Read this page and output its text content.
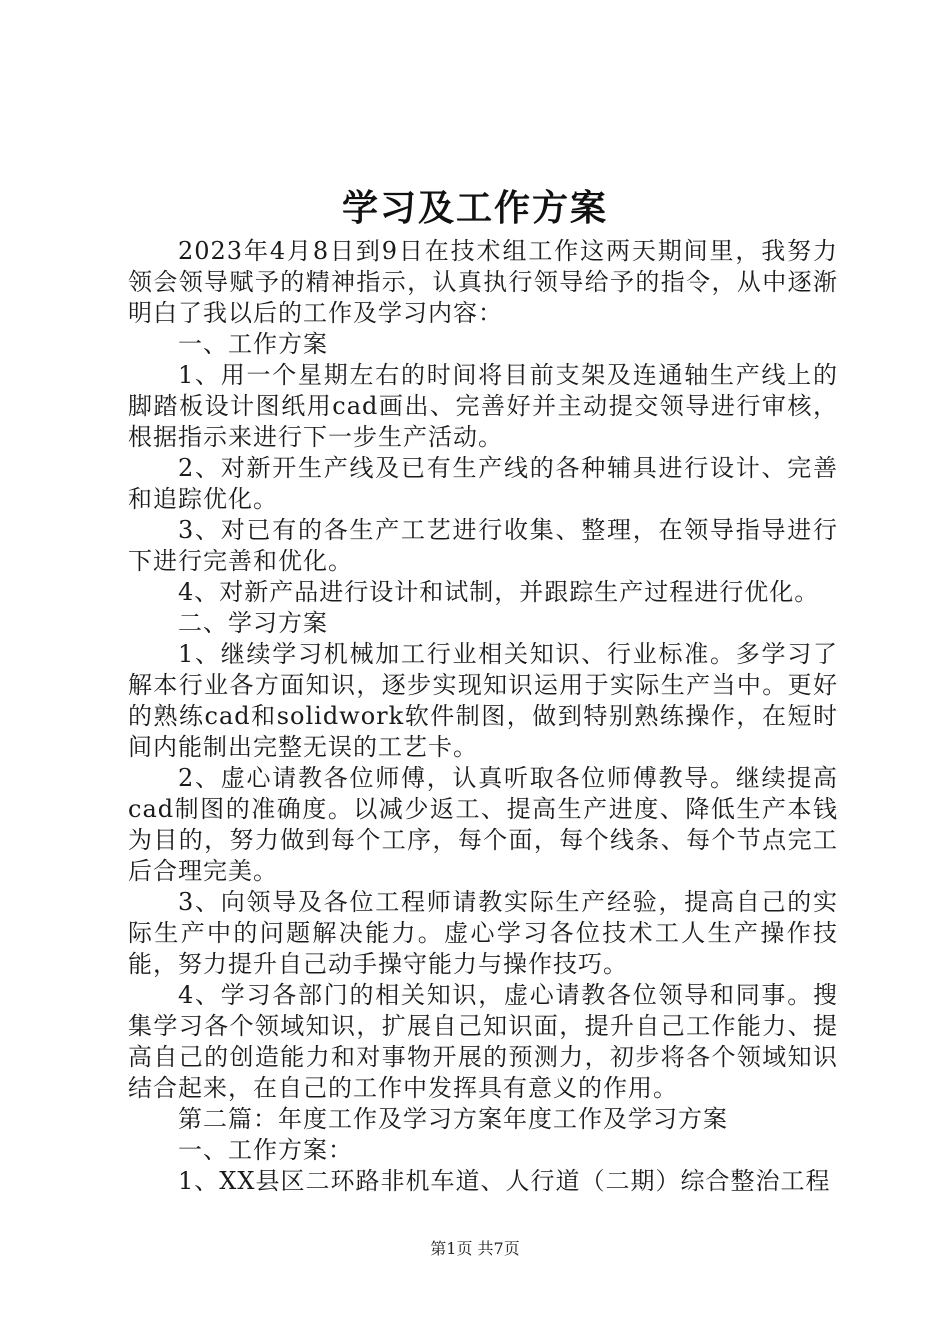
学习及工作方案

2023年4月8日到9日在技术组工作这两天期间里，我努力领会领导赋予的精神指示，认真执行领导给予的指令，从中逐渐明白了我以后的工作及学习内容：

一、工作方案

1、用一个星期左右的时间将目前支架及连通轴生产线上的脚踏板设计图纸用cad画出、完善好并主动提交领导进行审核，根据指示来进行下一步生产活动。

2、对新开生产线及已有生产线的各种辅具进行设计、完善和追踪优化。

3、对已有的各生产工艺进行收集、整理，在领导指导进行下进行完善和优化。

4、对新产品进行设计和试制，并跟踪生产过程进行优化。

二、学习方案

1、继续学习机械加工行业相关知识、行业标准。多学习了解本行业各方面知识，逐步实现知识运用于实际生产当中。更好的熟练cad和solidwork软件制图，做到特别熟练操作，在短时间内能制出完整无误的工艺卡。

2、虚心请教各位师傅，认真听取各位师傅教导。继续提高cad制图的准确度。以减少返工、提高生产进度、降低生产本钱为目的，努力做到每个工序，每个面，每个线条、每个节点完工后合理完美。

3、向领导及各位工程师请教实际生产经验，提高自己的实际生产中的问题解决能力。虚心学习各位技术工人生产操作技能，努力提升自己动手操守能力与操作技巧。

4、学习各部门的相关知识，虚心请教各位领导和同事。搜集学习各个领域知识，扩展自己知识面，提升自己工作能力、提高自己的创造能力和对事物开展的预测力，初步将各个领域知识结合起来，在自己的工作中发挥具有意义的作用。

第二篇：年度工作及学习方案年度工作及学习方案

一、工作方案：

1、XX县区二环路非机车道、人行道（二期）综合整治工程

第1页 共7页
